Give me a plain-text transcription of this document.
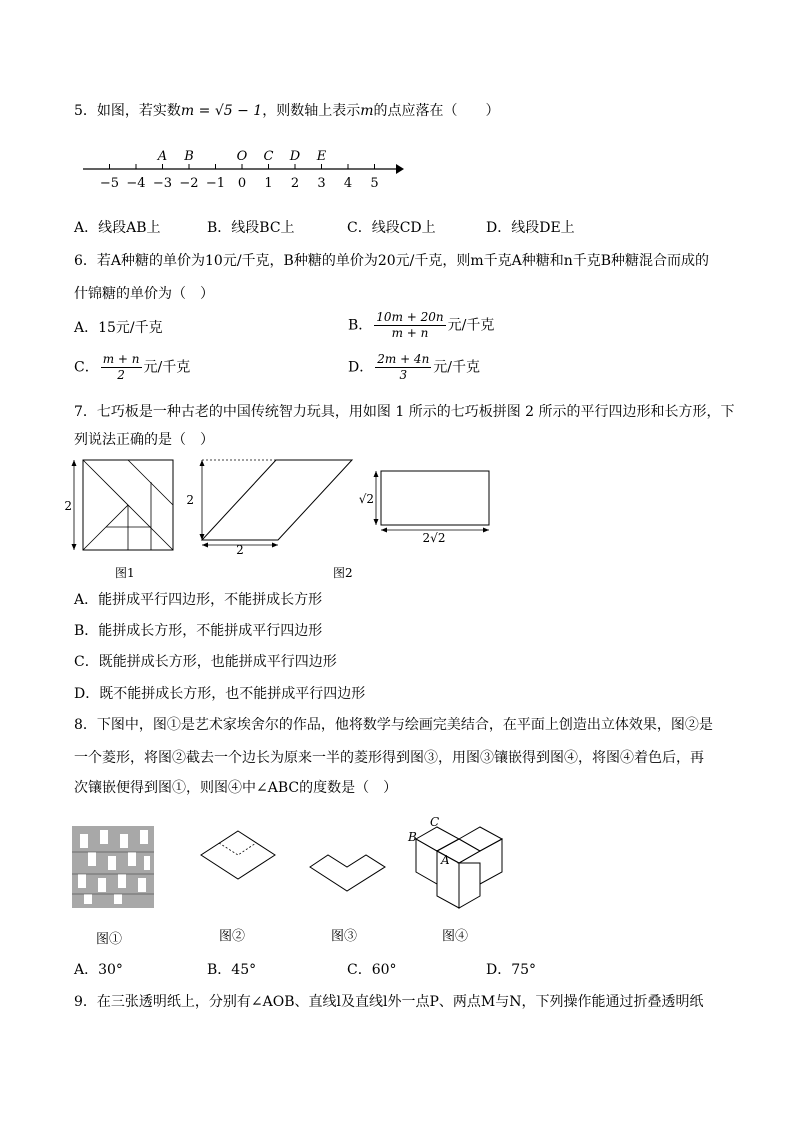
5．如图，若实数m = √5 − 1，则数轴上表示m的点应落在（　　）
−5 −4 −3 −2 −1 0 1 2 3 4 5
A B	O C D E
A．线段AB上	B．线段BC上	C．线段CD上	D．线段DE上
6．若A种糖的单价为10元/千克，B种糖的单价为20元/千克，则m千克A种糖和n千克B种糖混合而成的
什锦糖的单价为（　）
A．15元/千克	B． $\frac{10m + 20n}{m + n}$ 元/千克
C． $\frac{m + n}{2}$ 元/千克	D． $\frac{2m + 4n}{3}$ 元/千克
7．七巧板是一种古老的中国传统智力玩具，用如图 1 所示的七巧板拼图 2 所示的平行四边形和长方形，下
列说法正确的是（　）
2	2
2
√2
2√2
图1	图2
A．能拼成平行四边形，不能拼成长方形
B．能拼成长方形，不能拼成平行四边形
C．既能拼成长方形，也能拼成平行四边形
D．既不能拼成长方形，也不能拼成平行四边形
8．下图中，图①是艺术家埃舍尔的作品，他将数学与绘画完美结合，在平面上创造出立体效果，图②是
一个菱形，将图②截去一个边长为原来一半的菱形得到图③，用图③镶嵌得到图④，将图④着色后，再
次镶嵌便得到图①，则图④中∠ABC的度数是（　）
B
C
A
图①	图②	图③	图④
A．30°	B．45°	C．60°	D．75°
9．在三张透明纸上，分别有∠AOB、直线l及直线l外一点P、两点M与N，下列操作能通过折叠透明纸
